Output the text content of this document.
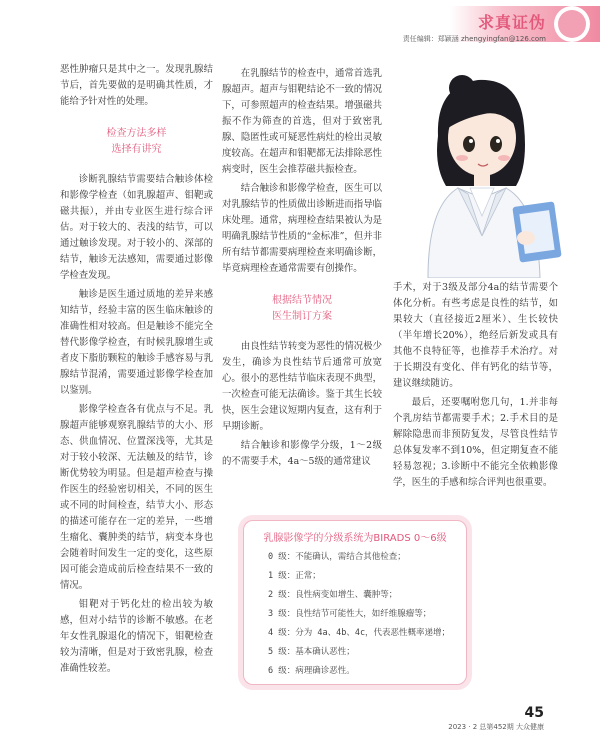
求真证伪
责任编辑：郑颖涵 zhengyingfan@126.com

恶性肿瘤只是其中之一。发现乳腺结节后，首先要做的是明确其性质，才能给予针对性的处理。

检查方法多样
选择有讲究

诊断乳腺结节需要结合触诊体检和影像学检查（如乳腺超声、钼靶或磁共振），并由专业医生进行综合评估。对于较大的、表浅的结节，可以通过触诊发现。对于较小的、深部的结节，触诊无法感知，需要通过影像学检查发现。

触诊是医生通过质地的差异来感知结节，经验丰富的医生临床触诊的准确性相对较高。但是触诊不能完全替代影像学检查，有时候乳腺增生或者皮下脂肪颗粒的触诊手感容易与乳腺结节混淆，需要通过影像学检查加以鉴别。

影像学检查各有优点与不足。乳腺超声能够观察乳腺结节的大小、形态、供血情况、位置深浅等，尤其是对于较小较深、无法触及的结节，诊断优势较为明显。但是超声检查与操作医生的经验密切相关，不同的医生或不同的时间检查，结节大小、形态的描述可能存在一定的差异，一些增生瘤化、囊肿类的结节，病变本身也会随着时间发生一定的变化，这些原因可能会造成前后检查结果不一致的情况。

钼靶对于钙化灶的检出较为敏感，但对小结节的诊断不敏感。在老年女性乳腺退化的情况下，钼靶检查较为清晰，但是对于致密乳腺，检查准确性较差。

在乳腺结节的检查中，通常首选乳腺超声。超声与钼靶结论不一致的情况下，可参照超声的检查结果。增强磁共振不作为筛查的首选，但对于致密乳腺、隐匿性或可疑恶性病灶的检出灵敏度较高。在超声和钼靶都无法排除恶性病变时，医生会推荐磁共振检查。

结合触诊和影像学检查，医生可以对乳腺结节的性质做出诊断进而指导临床处理。通常，病理检查结果被认为是明确乳腺结节性质的“金标准”，但并非所有结节都需要病理检查来明确诊断，毕竟病理检查通常需要有创操作。

根据结节情况
医生制订方案

由良性结节转变为恶性的情况极少发生，确诊为良性结节后通常可放宽心。很小的恶性结节临床表现不典型，一次检查可能无法确诊。鉴于其生长较快，医生会建议短期内复查，这有利于早期诊断。

结合触诊和影像学分级，1～2级的不需要手术，4a～5级的通常建议

手术，对于3级及部分4a的结节需要个体化分析。有些考虑是良性的结节，如果较大（直径接近2厘米）、生长较快（半年增长20%），绝经后新发或具有其他不良特征等，也推荐手术治疗。对于长期没有变化、伴有钙化的结节等，建议继续随访。

最后，还要嘱咐您几句，1.并非每个乳房结节都需要手术；2.手术目的是解除隐患而非预防复发，尽管良性结节总体复发率不到10%，但定期复查不能轻易忽视；3.诊断中不能完全依赖影像学，医生的手感和综合评判也很重要。

乳腺影像学的分级系统为BIRADS 0～6级
0 级：不能确认，需结合其他检查；
1 级：正常；
2 级：良性病变如增生、囊肿等；
3 级：良性结节可能性大，如纤维腺瘤等；
4 级：分为 4a、4b、4c，代表恶性概率递增；
5 级：基本确认恶性；
6 级：病理确诊恶性。
45
2023 · 2 总第452期 大众健康
